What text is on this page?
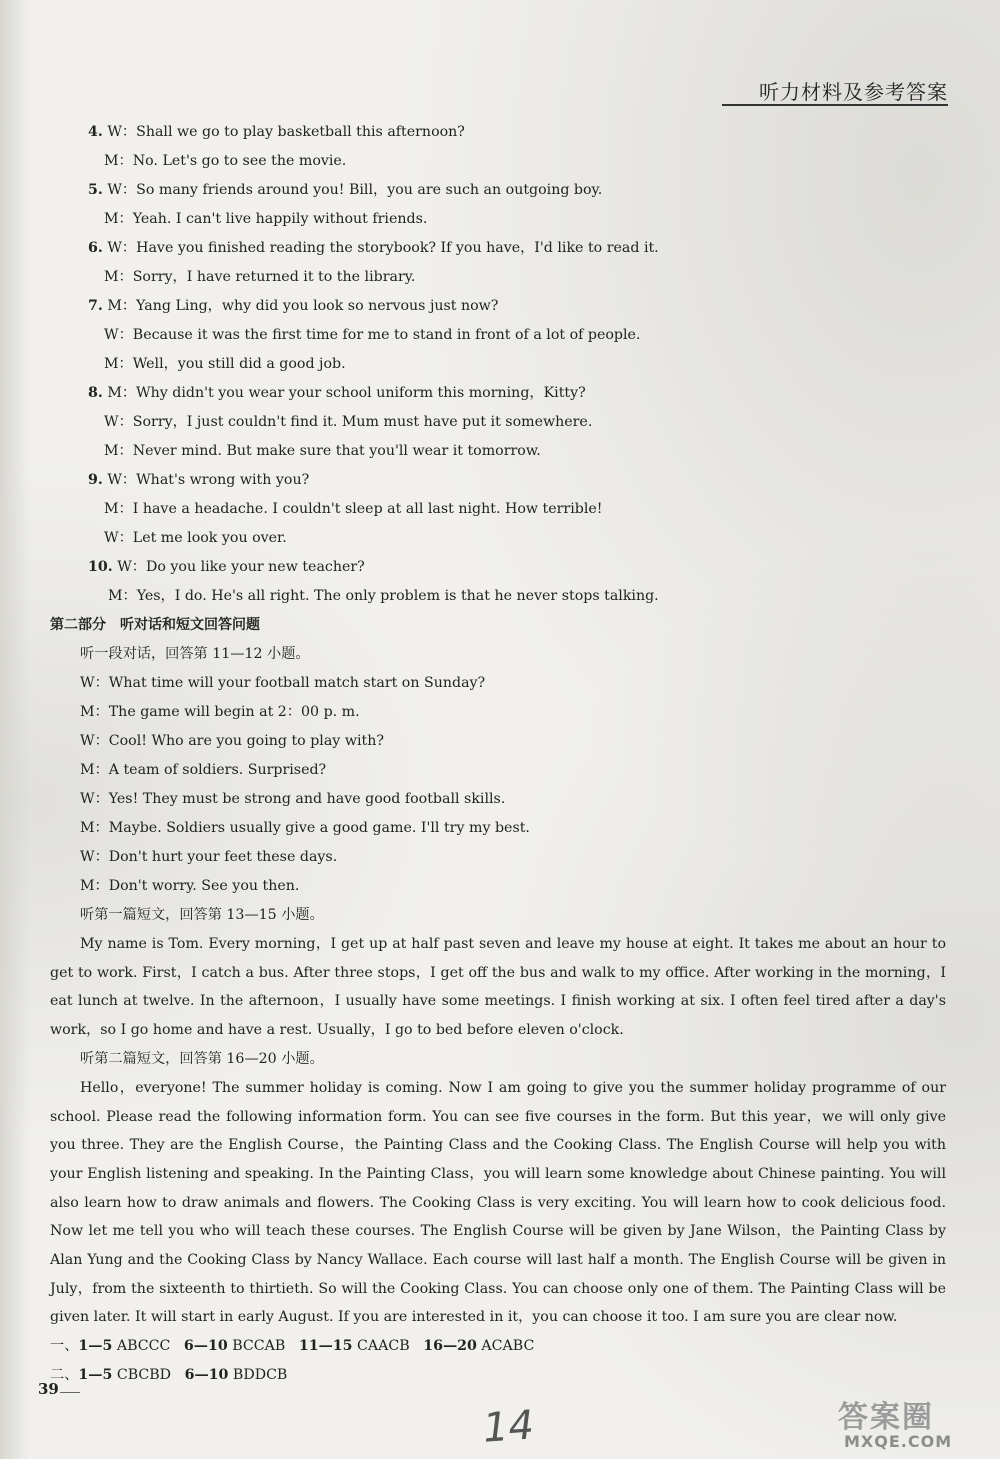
听力材料及参考答案
4. W：Shall we go to play basketball this afternoon?
M：No. Let's go to see the movie.
5. W：So many friends around you! Bill，you are such an outgoing boy.
M：Yeah. I can't live happily without friends.
6. W：Have you finished reading the storybook? If you have，I'd like to read it.
M：Sorry，I have returned it to the library.
7. M：Yang Ling，why did you look so nervous just now?
W：Because it was the first time for me to stand in front of a lot of people.
M：Well，you still did a good job.
8. M：Why didn't you wear your school uniform this morning，Kitty?
W：Sorry，I just couldn't find it. Mum must have put it somewhere.
M：Never mind. But make sure that you'll wear it tomorrow.
9. W：What's wrong with you?
M：I have a headache. I couldn't sleep at all last night. How terrible!
W：Let me look you over.
10. W：Do you like your new teacher?
M：Yes，I do. He's all right. The only problem is that he never stops talking.
第二部分　听对话和短文回答问题
听一段对话，回答第 11—12 小题。
W：What time will your football match start on Sunday?
M：The game will begin at 2：00 p. m.
W：Cool! Who are you going to play with?
M：A team of soldiers. Surprised?
W：Yes! They must be strong and have good football skills.
M：Maybe. Soldiers usually give a good game. I'll try my best.
W：Don't hurt your feet these days.
M：Don't worry. See you then.
听第一篇短文，回答第 13—15 小题。
My name is Tom. Every morning，I get up at half past seven and leave my house at eight. It takes me about an hour to get to work. First，I catch a bus. After three stops，I get off the bus and walk to my office. After working in the morning，I eat lunch at twelve. In the afternoon，I usually have some meetings. I finish working at six. I often feel tired after a day's work，so I go home and have a rest. Usually，I go to bed before eleven o'clock.
听第二篇短文，回答第 16—20 小题。
Hello，everyone! The summer holiday is coming. Now I am going to give you the summer holiday programme of our school. Please read the following information form. You can see five courses in the form. But this year，we will only give you three. They are the English Course，the Painting Class and the Cooking Class. The English Course will help you with your English listening and speaking. In the Painting Class，you will learn some knowledge about Chinese painting. You will also learn how to draw animals and flowers. The Cooking Class is very exciting. You will learn how to cook delicious food. Now let me tell you who will teach these courses. The English Course will be given by Jane Wilson，the Painting Class by Alan Yung and the Cooking Class by Nancy Wallace. Each course will last half a month. The English Course will be given in July，from the sixteenth to thirtieth. So will the Cooking Class. You can choose only one of them. The Painting Class will be given later. It will start in early August. If you are interested in it，you can choose it too. I am sure you are clear now.
一、1—5 ABCCC 6—10 BCCAB 11—15 CAACB 16—20 ACABC
二、1—5 CBCBD 6—10 BDDCB
39
14	答案圈
MXQE.COM
